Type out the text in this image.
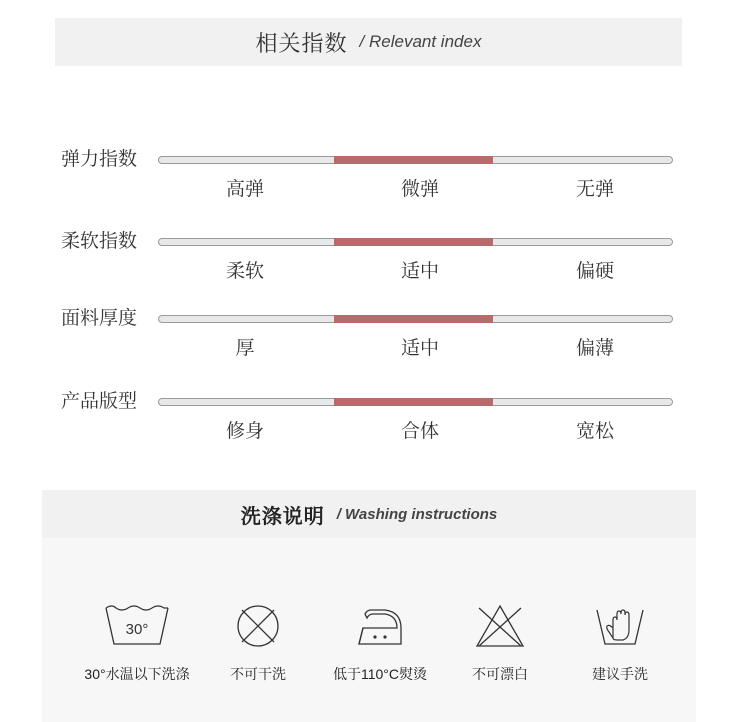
相关指数 / Relevant index
弹力指数
高弹	微弹	无弹
柔软指数
柔软	适中	偏硬
面料厚度
厚	适中	偏薄
产品版型
修身	合体	宽松
洗涤说明 / Washing instructions
30°
30°水温以下洗涤	不可干洗	低于110°C熨烫	不可漂白	建议手洗
